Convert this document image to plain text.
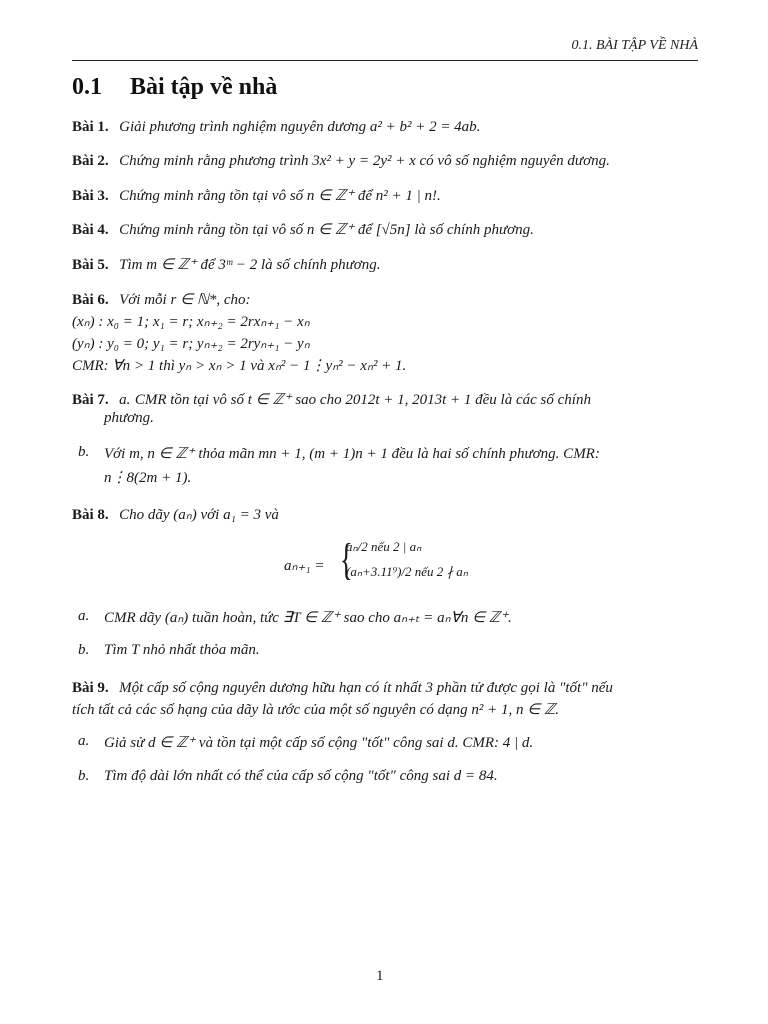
0.1. BÀI TẬP VỀ NHÀ
0.1 Bài tập về nhà
Bài 1. Giải phương trình nghiệm nguyên dương a² + b² + 2 = 4ab.
Bài 2. Chứng minh rằng phương trình 3x² + y = 2y² + x có vô số nghiệm nguyên dương.
Bài 3. Chứng minh rằng tồn tại vô số n ∈ ℤ⁺ để n² + 1 | n!.
Bài 4. Chứng minh rằng tồn tại vô số n ∈ ℤ⁺ để [√5n] là số chính phương.
Bài 5. Tìm m ∈ ℤ⁺ để 3ᵐ − 2 là số chính phương.
Bài 6. Với mỗi r ∈ ℕ*, cho:
(xₙ) : x₀ = 1; x₁ = r; xₙ₊₂ = 2rxₙ₊₁ − xₙ
(yₙ) : y₀ = 0; y₁ = r; yₙ₊₂ = 2ryₙ₊₁ − yₙ
CMR: ∀n > 1 thì yₙ > xₙ > 1 và xₙ² − 1⋮yₙ² − xₙ² + 1.
Bài 7. a. CMR tồn tại vô số t ∈ ℤ⁺ sao cho 2012t + 1, 2013t + 1 đều là các số chính
phương.
b. Với m, n ∈ ℤ⁺ thỏa mãn mn + 1, (m + 1)n + 1 đều là hai số chính phương. CMR:
n⋮8(2m + 1).
Bài 8. Cho dãy (aₙ) với a₁ = 3 và
aₙ₊₁ = {
aₙ/2 nếu 2 | aₙ
(aₙ+3.11⁹)/2 nếu 2 ∤ aₙ
a. CMR dãy (aₙ) tuần hoàn, tức ∃T ∈ ℤ⁺ sao cho aₙ₊ₜ = aₙ∀n ∈ ℤ⁺.
b. Tìm T nhỏ nhất thỏa mãn.
Bài 9. Một cấp số cộng nguyên dương hữu hạn có ít nhất 3 phần tử được gọi là "tốt" nếu
tích tất cả các số hạng của dãy là ước của một số nguyên có dạng n² + 1, n ∈ ℤ.
a. Giả sử d ∈ ℤ⁺ và tồn tại một cấp số cộng "tốt" công sai d. CMR: 4 | d.
b. Tìm độ dài lớn nhất có thể của cấp số cộng "tốt" công sai d = 84.
1
